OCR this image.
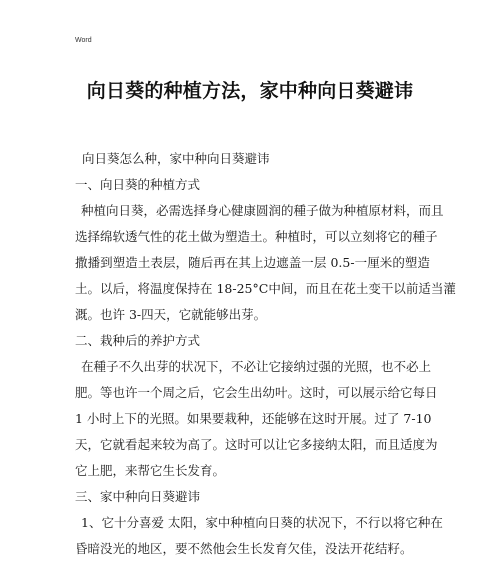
Word
向日葵的种植方法，家中种向日葵避讳
向日葵怎么种，家中种向日葵避讳
一、向日葵的种植方式
种植向日葵，必需选择身心健康圆润的種子做为种植原材料，而且
选择绵软透气性的花土做为塑造土。种植时，可以立刻将它的種子
撒播到塑造土表层，随后再在其上边遮盖一层 0.5-一厘米的塑造
土。以后，将温度保持在 18-25°C中间，而且在花土变干以前适当灌
溉。也许 3-四天，它就能够出芽。
二、栽种后的养护方式
在種子不久出芽的状况下，不必让它接纳过强的光照，也不必上
肥。等也许一个周之后，它会生出幼叶。这时，可以展示给它每日
1 小时上下的光照。如果要栽种，还能够在这时开展。过了 7-10
天，它就看起来较为高了。这时可以让它多接纳太阳，而且适度为
它上肥，来帮它生长发育。
三、家中种向日葵避讳
1、它十分喜爱 太阳，家中种植向日葵的状况下，不行以将它种在
昏暗没光的地区，要不然他会生长发育欠佳，没法开花结籽。
